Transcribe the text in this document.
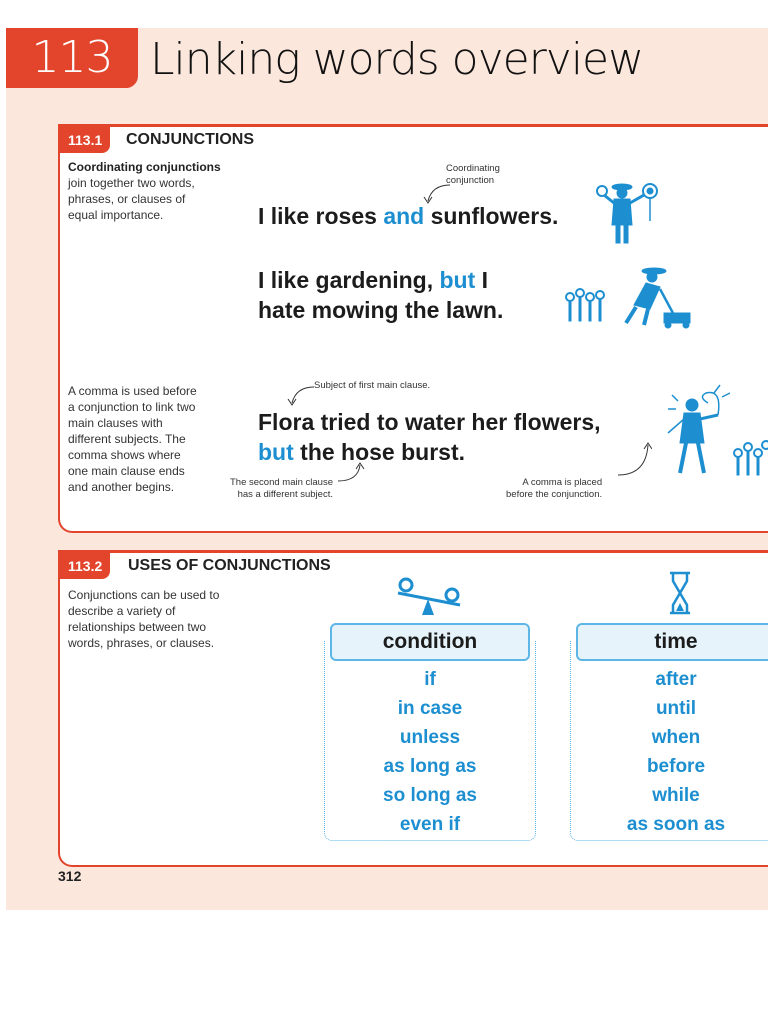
113 Linking words overview
113.1	CONJUNCTIONS
Coordinating conjunctions
join together two words,
phrases, or clauses of
equal importance.
Coordinating
conjunction
I like roses and sunflowers.
I like gardening, but I
hate mowing the lawn.
A comma is used before
a conjunction to link two
main clauses with
different subjects. The
comma shows where
one main clause ends
and another begins.
Subject of first main clause.
Flora tried to water her flowers,
but the hose burst.
The second main clause
has a different subject.
A comma is placed
before the conjunction.
113.2	USES OF CONJUNCTIONS
Conjunctions can be used to
describe a variety of
relationships between two
words, phrases, or clauses.	condition
if
in case
unless
as long as
so long as
even if
time
after
until
when
before
while
as soon as
312
